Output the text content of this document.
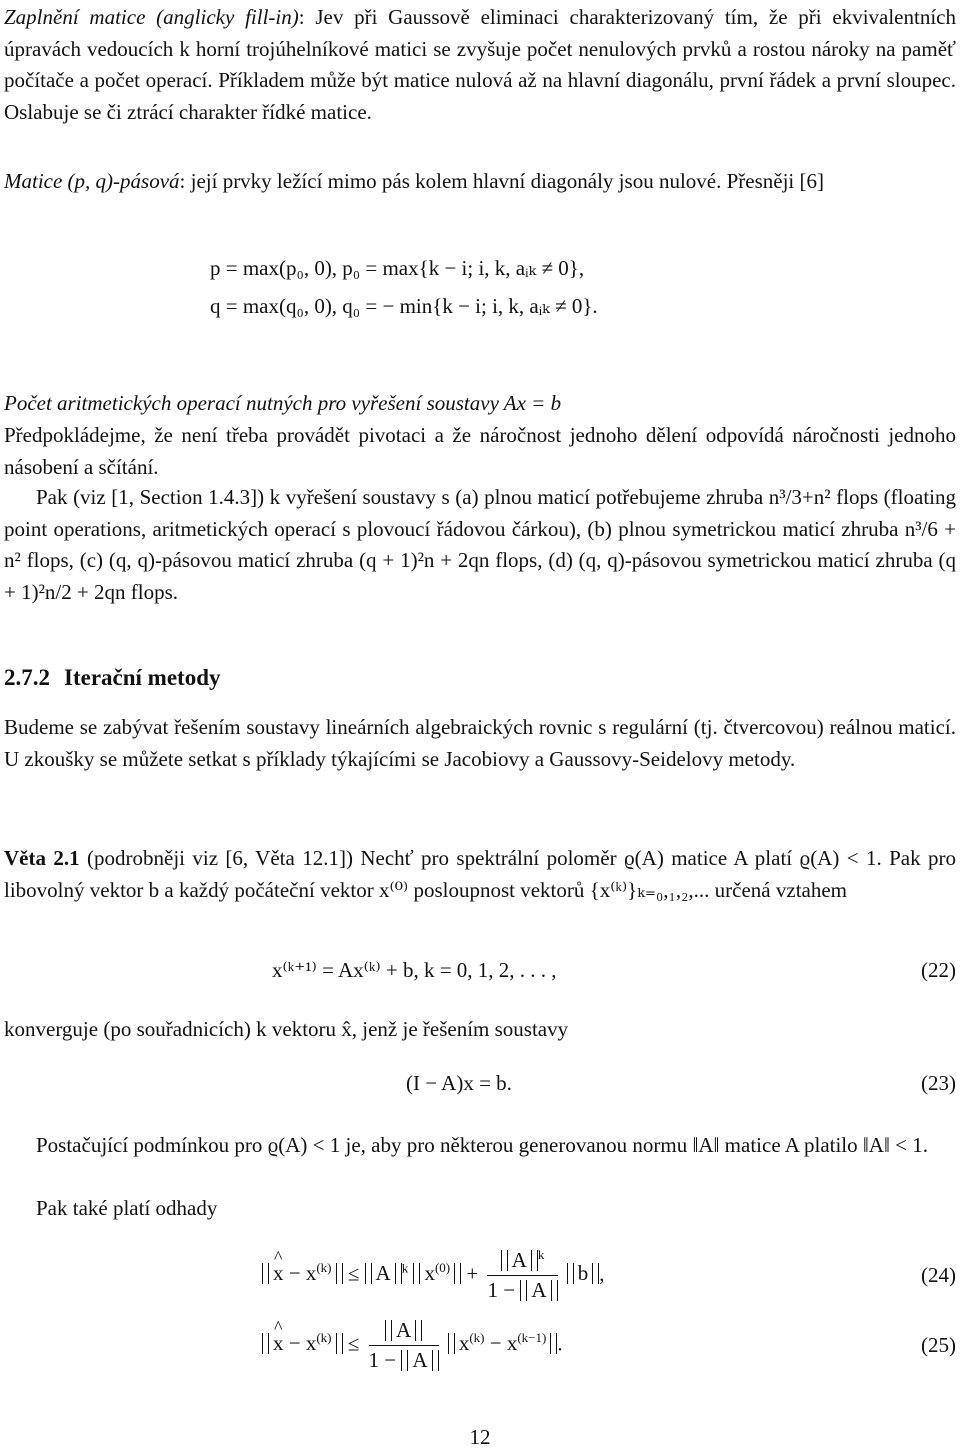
Zaplnění matice (anglicky fill-in): Jev při Gaussově eliminaci charakterizovaný tím, že při ekvivalentních úpravách vedoucích k horní trojúhelníkové matici se zvyšuje počet nenulových prvků a rostou nároky na paměť počítače a počet operací. Příkladem může být matice nulová až na hlavní diagonálu, první řádek a první sloupec. Oslabuje se či ztrácí charakter řídké matice.

Matice (p, q)-pásová: její prvky ležící mimo pás kolem hlavní diagonály jsou nulové. Přesněji [6]

p = max(p₀, 0), p₀ = max{k − i; i, k, aᵢₖ ≠ 0},
q = max(q₀, 0), q₀ = − min{k − i; i, k, aᵢₖ ≠ 0}.

Počet aritmetických operací nutných pro vyřešení soustavy Ax = b

Předpokládejme, že není třeba provádět pivotaci a že náročnost jednoho dělení odpovídá náročnosti jednoho násobení a sčítání.

Pak (viz [1, Section 1.4.3]) k vyřešení soustavy s (a) plnou maticí potřebujeme zhruba n³/3+n² flops (floating point operations, aritmetických operací s plovoucí řádovou čárkou), (b) plnou symetrickou maticí zhruba n³/6 + n² flops, (c) (q, q)-pásovou maticí zhruba (q + 1)²n + 2qn flops, (d) (q, q)-pásovou symetrickou maticí zhruba (q + 1)²n/2 + 2qn flops.

2.7.2 Iterační metody

Budeme se zabývat řešením soustavy lineárních algebraických rovnic s regulární (tj. čtvercovou) reálnou maticí. U zkoušky se můžete setkat s příklady týkajícími se Jacobiovy a Gaussovy-Seidelovy metody.

Věta 2.1 (podrobněji viz [6, Věta 12.1]) Nechť pro spektrální poloměr ϱ(A) matice A platí ϱ(A) < 1. Pak pro libovolný vektor b a každý počáteční vektor x⁽⁰⁾ posloupnost vektorů {x⁽ᵏ⁾}ₖ₌₀,₁,₂,... určená vztahem

x⁽ᵏ⁺¹⁾ = Ax⁽ᵏ⁾ + b, k = 0, 1, 2, . . . ,	(22)

konverguje (po souřadnicích) k vektoru x̂, jenž je řešením soustavy

(I − A)x = b.	(23)

Postačující podmínkou pro ϱ(A) < 1 je, aby pro některou generovanou normu ‖A‖ matice A platilo ‖A‖ < 1.

Pak také platí odhady

^ $x - x^{(k)} \le A$ $^k$ $x^{(0)} + \frac{A ^k}{1 - A}$ b ,	(24)
^ $x - x^{(k)} \le \frac{A}{1 - A} x^{(k)} - x^{(k-1)}$ .	(25)
12
